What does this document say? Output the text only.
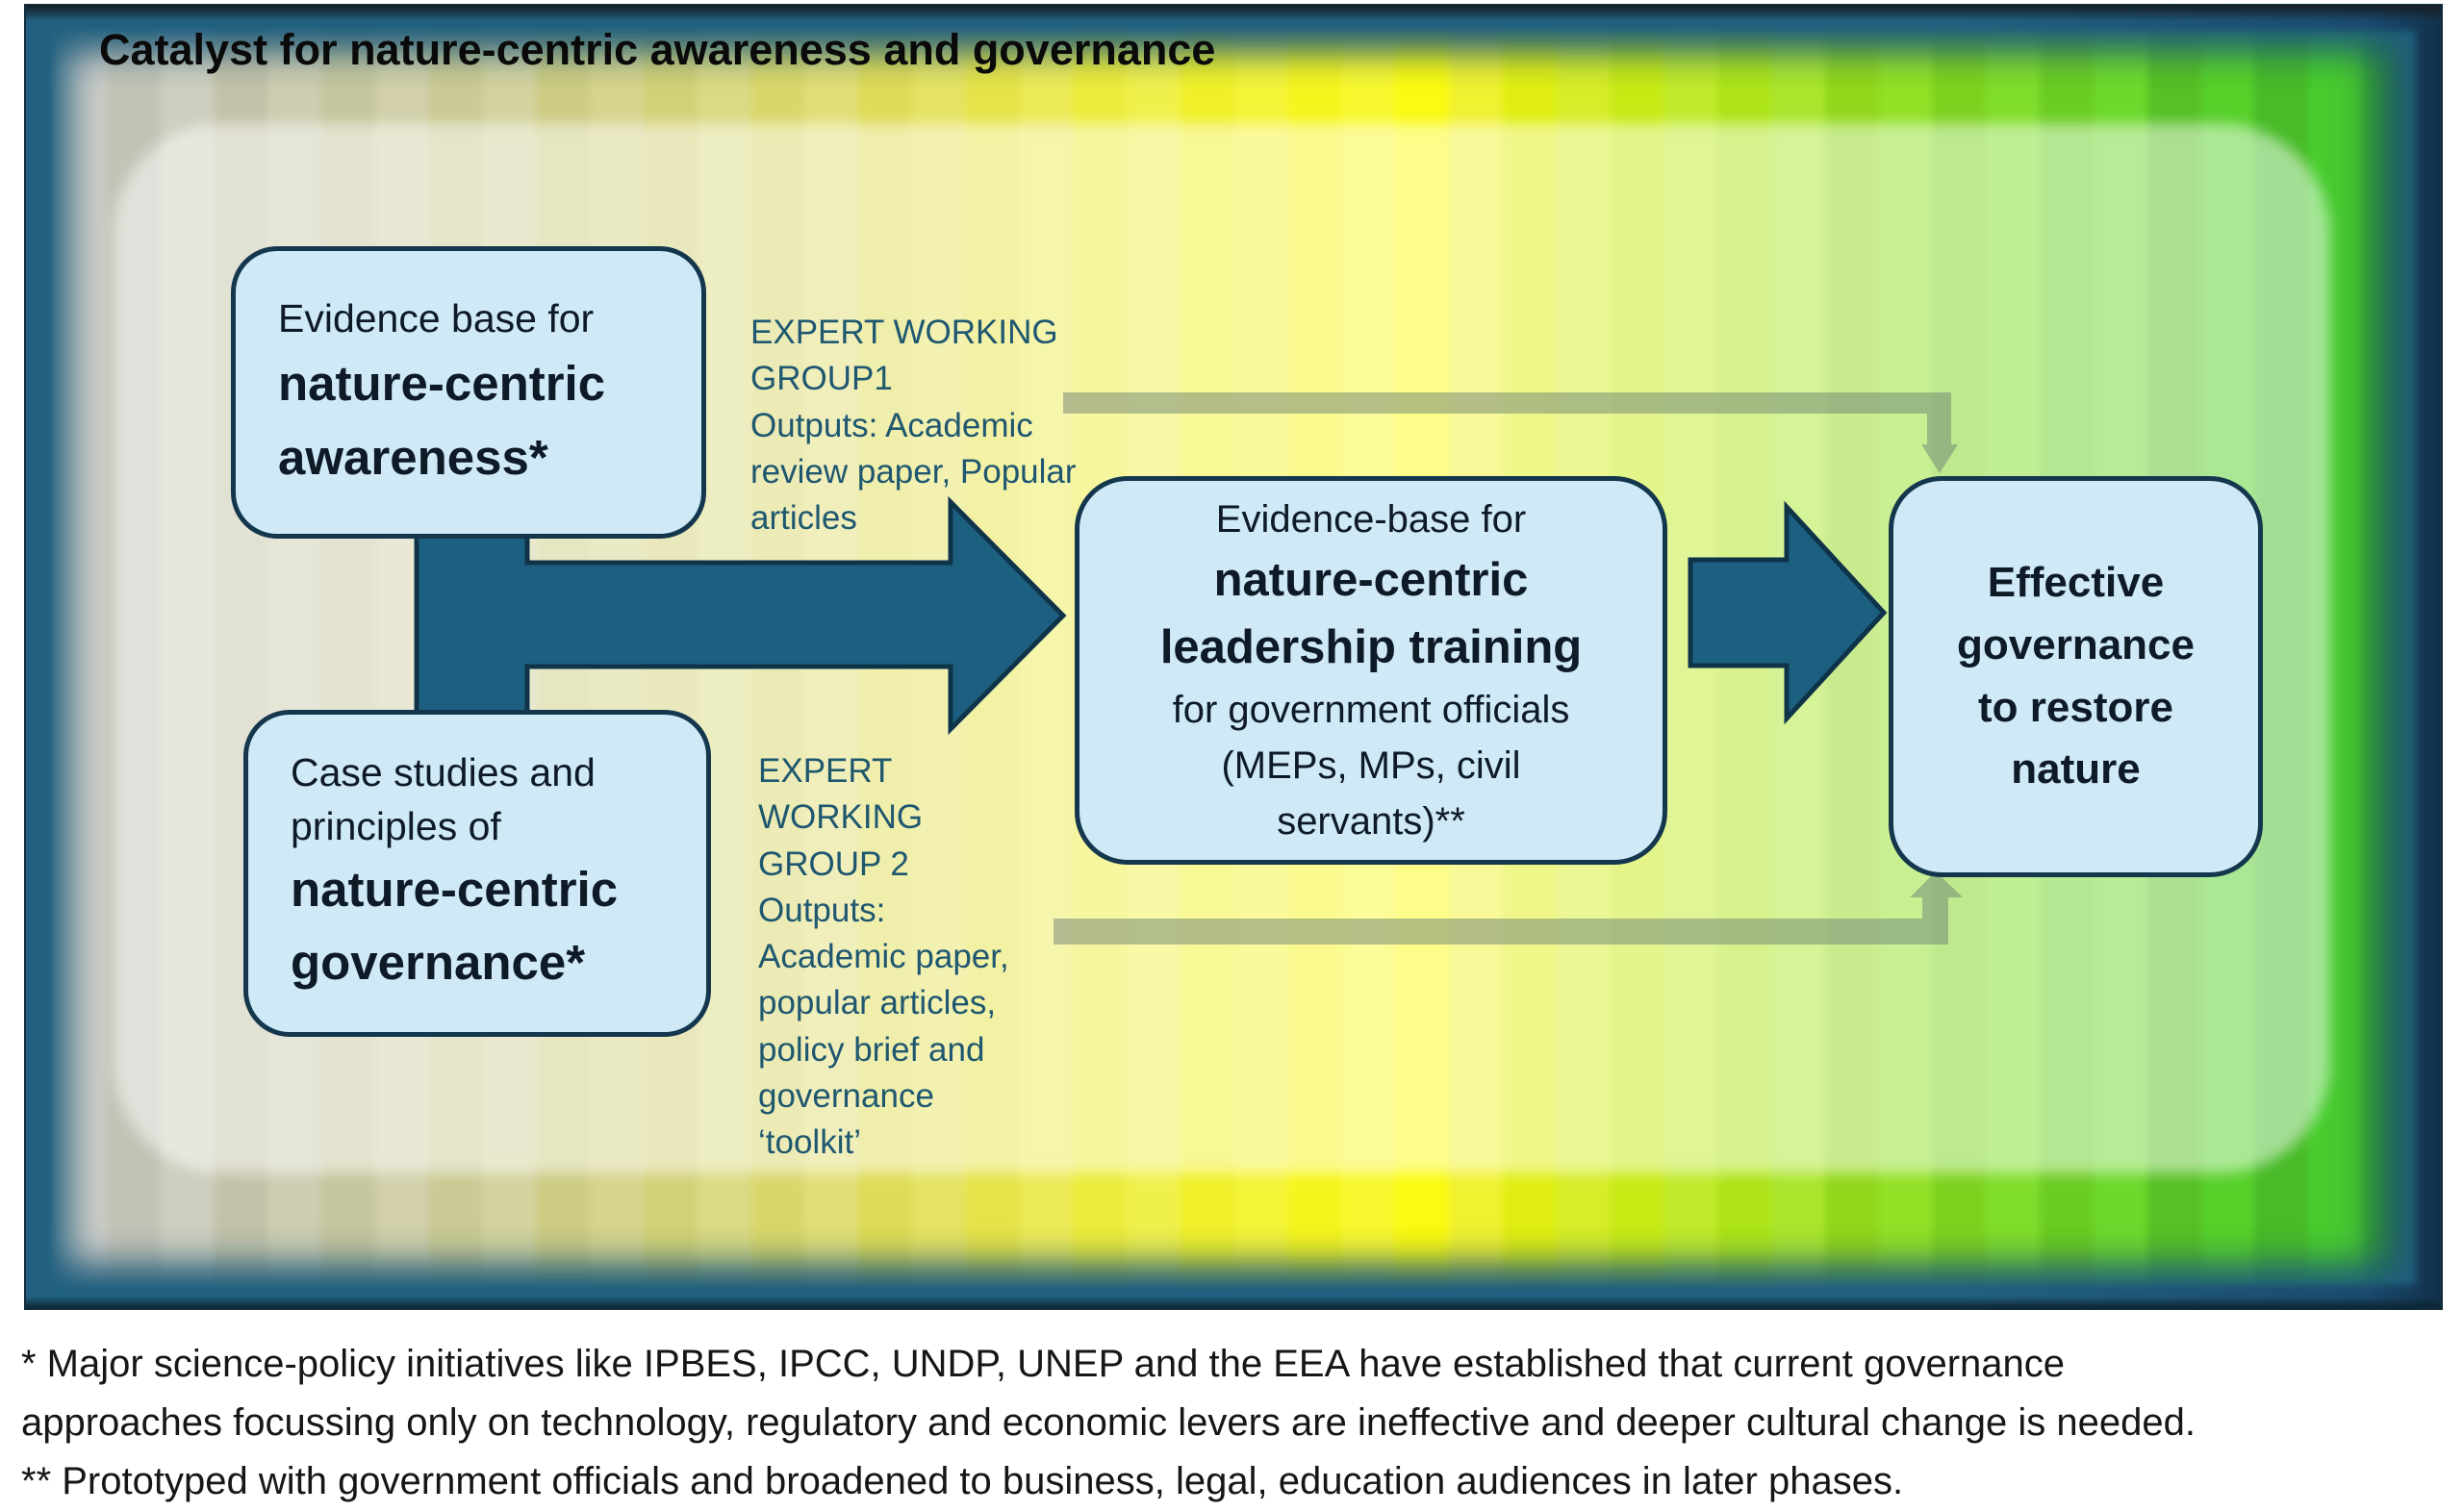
Catalyst for nature-centric awareness and governance
Evidence base for
nature-centric
awareness*
Case studies and
principles of
nature-centric
governance*
Evidence-base for
nature-centric
leadership training
for government officials
(MEPs, MPs, civil
servants)**
Effective
governance
to restore
nature
EXPERT WORKING
GROUP1
Outputs: Academic
review paper, Popular
articles
EXPERT
WORKING
GROUP 2
Outputs:
Academic paper,
popular articles,
policy brief and
governance
‘toolkit’
* Major science-policy initiatives like IPBES, IPCC, UNDP, UNEP and the EEA have established that current governance
approaches focussing only on technology, regulatory and economic levers are ineffective and deeper cultural change is needed.
** Prototyped with government officials and broadened to business, legal, education audiences in later phases.
